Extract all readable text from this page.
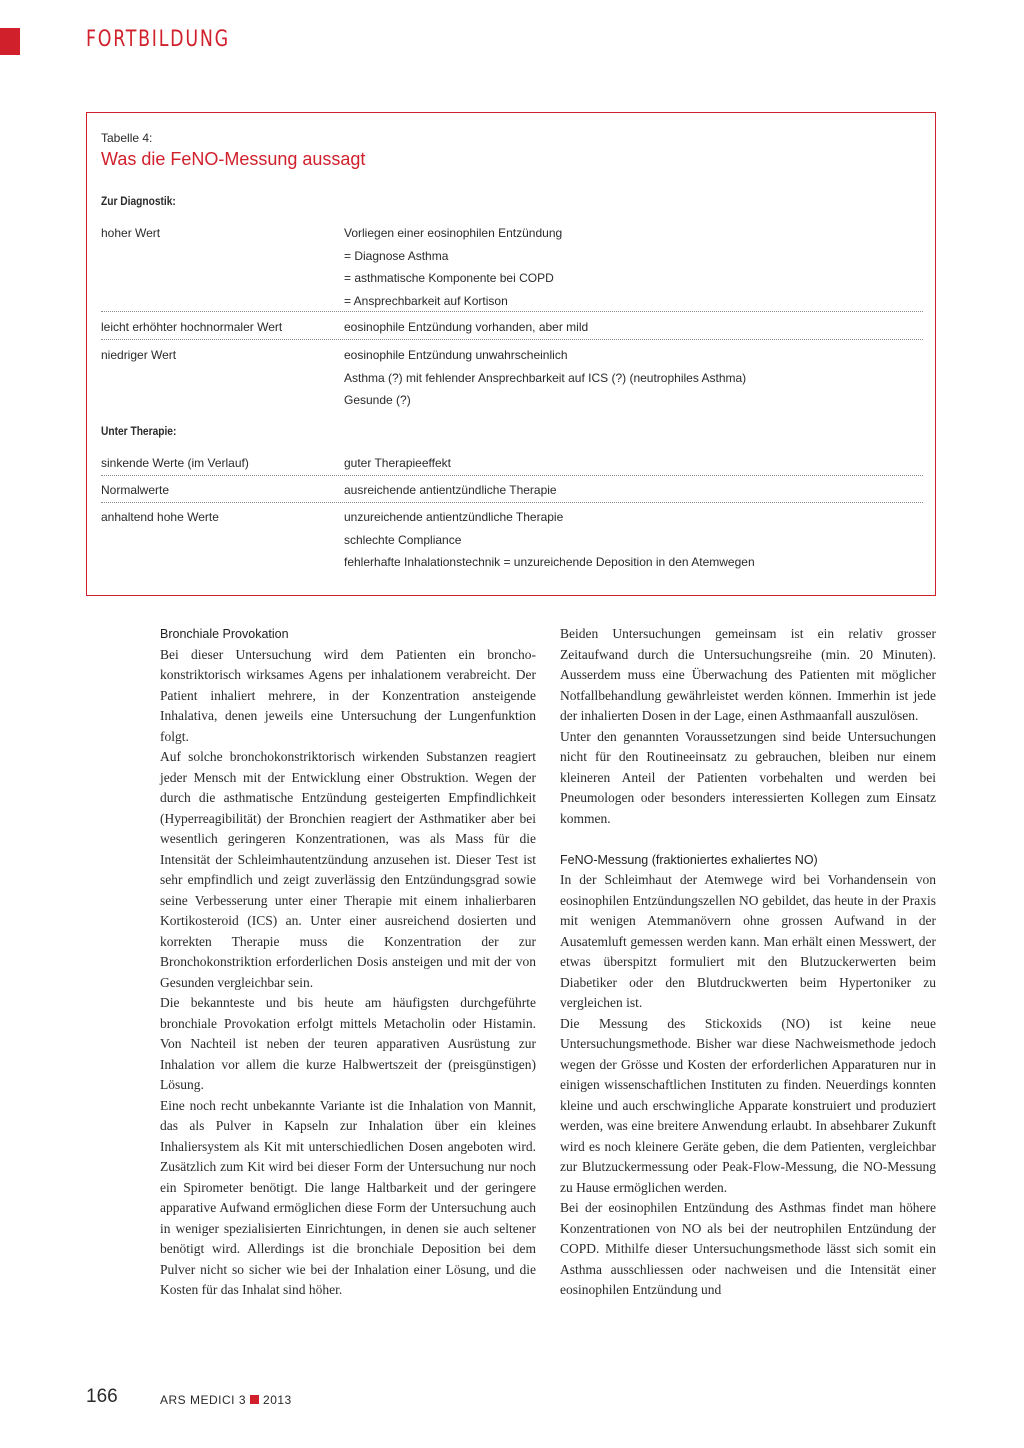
FORTBILDUNG
Tabelle 4:
Was die FeNO-Messung aussagt
Zur Diagnostik:
hoher Wert	Vorliegen einer eosinophilen Entzündung
= Diagnose Asthma
= asthmatische Komponente bei COPD
= Ansprechbarkeit auf Kortison
leicht erhöhter hochnormaler Wert	eosinophile Entzündung vorhanden, aber mild
niedriger Wert	eosinophile Entzündung unwahrscheinlich
Asthma (?) mit fehlender Ansprechbarkeit auf ICS (?) (neutrophiles Asthma)
Gesunde (?)
Unter Therapie:
sinkende Werte (im Verlauf)	guter Therapieeffekt
Normalwerte	ausreichende antientzündliche Therapie
anhaltend hohe Werte	unzureichende antientzündliche Therapie
schlechte Compliance
fehlerhafte Inhalationstechnik = unzureichende Deposition in den Atemwegen
Bronchiale Provokation

Bei dieser Untersuchung wird dem Patienten ein broncho-konstriktorisch wirksames Agens per inhalationem verabreicht. Der Patient inhaliert mehrere, in der Konzentration ansteigende Inhalativa, denen jeweils eine Untersuchung der Lungenfunktion folgt.

Auf solche bronchokonstriktorisch wirkenden Substanzen reagiert jeder Mensch mit der Entwicklung einer Obstruktion. Wegen der durch die asthmatische Entzündung gesteigerten Empfindlichkeit (Hyperreagibilität) der Bronchien reagiert der Asthmatiker aber bei wesentlich geringeren Konzentrationen, was als Mass für die Intensität der Schleimhautentzündung anzusehen ist. Dieser Test ist sehr empfindlich und zeigt zuverlässig den Entzündungsgrad sowie seine Verbesserung unter einer Therapie mit einem inhalierbaren Kortikosteroid (ICS) an. Unter einer ausreichend dosierten und korrekten Therapie muss die Konzentration der zur Bronchokonstriktion erforderlichen Dosis ansteigen und mit der von Gesunden vergleichbar sein.

Die bekannteste und bis heute am häufigsten durchgeführte bronchiale Provokation erfolgt mittels Metacholin oder Histamin. Von Nachteil ist neben der teuren apparativen Ausrüstung zur Inhalation vor allem die kurze Halbwertszeit der (preisgünstigen) Lösung.

Eine noch recht unbekannte Variante ist die Inhalation von Mannit, das als Pulver in Kapseln zur Inhalation über ein kleines Inhaliersystem als Kit mit unterschiedlichen Dosen angeboten wird. Zusätzlich zum Kit wird bei dieser Form der Untersuchung nur noch ein Spirometer benötigt. Die lange Haltbarkeit und der geringere apparative Aufwand ermöglichen diese Form der Untersuchung auch in weniger spezialisierten Einrichtungen, in denen sie auch seltener benötigt wird. Allerdings ist die bronchiale Deposition bei dem Pulver nicht so sicher wie bei der Inhalation einer Lösung, und die Kosten für das Inhalat sind höher.

Beiden Untersuchungen gemeinsam ist ein relativ grosser Zeitaufwand durch die Untersuchungsreihe (min. 20 Minuten). Ausserdem muss eine Überwachung des Patienten mit möglicher Notfallbehandlung gewährleistet werden können. Immerhin ist jede der inhalierten Dosen in der Lage, einen Asthmaanfall auszulösen.

Unter den genannten Voraussetzungen sind beide Untersuchungen nicht für den Routineeinsatz zu gebrauchen, bleiben nur einem kleineren Anteil der Patienten vorbehalten und werden bei Pneumologen oder besonders interessierten Kollegen zum Einsatz kommen.

FeNO-Messung (fraktioniertes exhaliertes NO)

In der Schleimhaut der Atemwege wird bei Vorhandensein von eosinophilen Entzündungszellen NO gebildet, das heute in der Praxis mit wenigen Atemmanövern ohne grossen Aufwand in der Ausatemluft gemessen werden kann. Man erhält einen Messwert, der etwas überspitzt formuliert mit den Blutzuckerwerten beim Diabetiker oder den Blutdruckwerten beim Hypertoniker zu vergleichen ist.

Die Messung des Stickoxids (NO) ist keine neue Untersuchungsmethode. Bisher war diese Nachweismethode jedoch wegen der Grösse und Kosten der erforderlichen Apparaturen nur in einigen wissenschaftlichen Instituten zu finden. Neuerdings konnten kleine und auch erschwingliche Apparate konstruiert und produziert werden, was eine breitere Anwendung erlaubt. In absehbarer Zukunft wird es noch kleinere Geräte geben, die dem Patienten, vergleichbar zur Blutzuckermessung oder Peak-Flow-Messung, die NO-Messung zu Hause ermöglichen werden.

Bei der eosinophilen Entzündung des Asthmas findet man höhere Konzentrationen von NO als bei der neutrophilen Entzündung der COPD. Mithilfe dieser Untersuchungsmethode lässt sich somit ein Asthma ausschliessen oder nachweisen und die Intensität einer eosinophilen Entzündung und

166	ARS MEDICI 3 2013
